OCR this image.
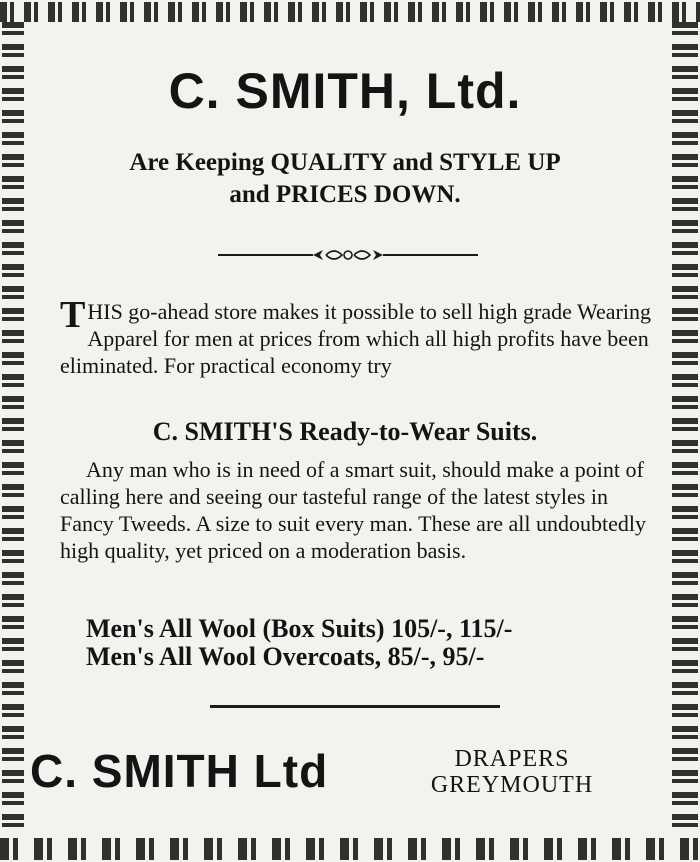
C. SMITH, Ltd.
Are Keeping QUALITY and STYLE UP
and PRICES DOWN.
THIS go-ahead store makes it possible to sell high grade Wearing Apparel for men at prices from which all high profits have been eliminated. For practical economy try
C. SMITH'S Ready-to-Wear Suits.
Any man who is in need of a smart suit, should make a point of calling here and seeing our tasteful range of the latest styles in Fancy Tweeds. A size to suit every man. These are all undoubtedly high quality, yet priced on a moderation basis.
Men's All Wool (Box Suits) 105/-, 115/-
Men's All Wool Overcoats, 85/-, 95/-
C. SMITH Ltd	DRAPERS
GREYMOUTH
